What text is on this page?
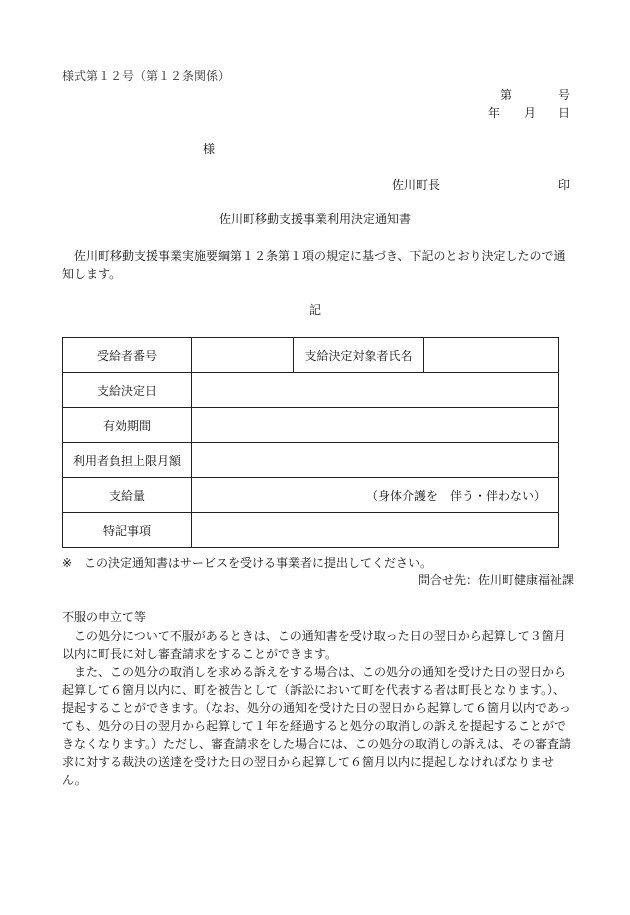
様式第１２号（第１２条関係）
第	号
年 月 日
様
佐川町長	印
佐川町移動支援事業利用決定通知書
佐川町移動支援事業実施要綱第１２条第１項の規定に基づき、下記のとおり決定したので通知します。
記
受給者番号		支給決定対象者氏名	
支給決定日			
有効期間			
利用者負担上限月額			
支給量	（身体介護を　伴う・伴わない）		
特記事項			
※　この決定通知書はサービスを受ける事業者に提出してください。
問合せ先：佐川町健康福祉課
不服の申立て等

この処分について不服があるときは、この通知書を受け取った日の翌日から起算して３箇月以内に町長に対し審査請求をすることができます。

また、この処分の取消しを求める訴えをする場合は、この処分の通知を受けた日の翌日から起算して６箇月以内に、町を被告として（訴訟において町を代表する者は町長となります。）、提起することができます。（なお、処分の通知を受けた日の翌日から起算して６箇月以内であっても、処分の日の翌月から起算して１年を経過すると処分の取消しの訴えを提起することができなくなります。）ただし、審査請求をした場合には、この処分の取消しの訴えは、その審査請求に対する裁決の送達を受けた日の翌日から起算して６箇月以内に提起しなければなりません。
